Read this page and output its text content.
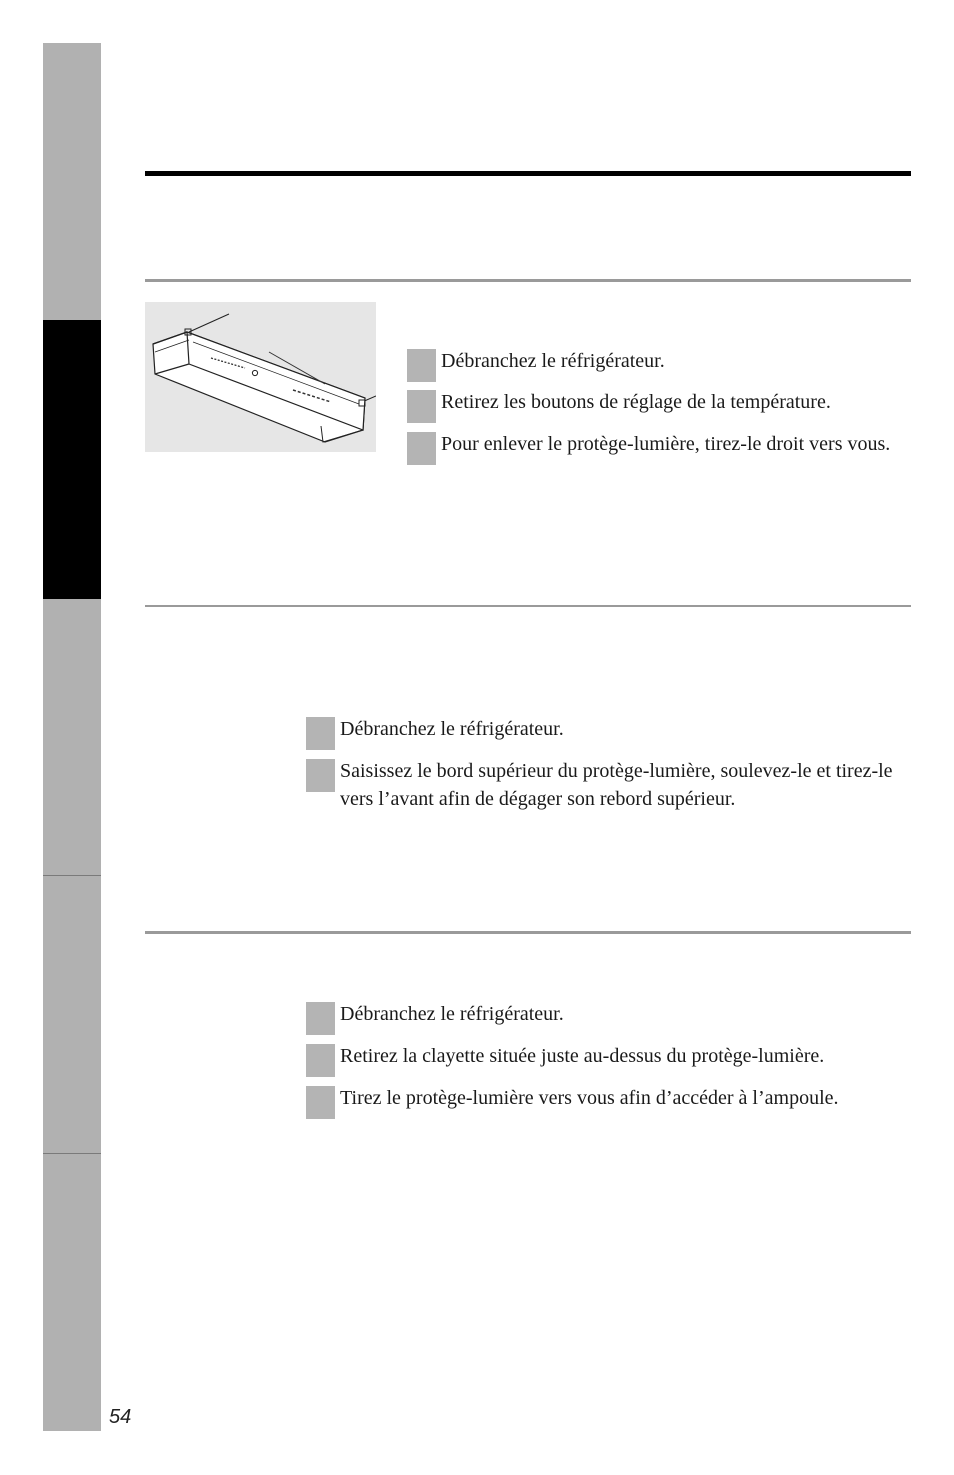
Débranchez le réfrigérateur.
Retirez les boutons de réglage de la température.
Pour enlever le protège-lumière, tirez-le droit vers vous.
Débranchez le réfrigérateur.
Saisissez le bord supérieur du protège-lumière, soulevez-le et tirez-le vers l’avant afin de dégager son rebord supérieur.
Débranchez le réfrigérateur.
Retirez la clayette située juste au-dessus du protège-lumière.
Tirez le protège-lumière vers vous afin d’accéder à l’ampoule.
54
